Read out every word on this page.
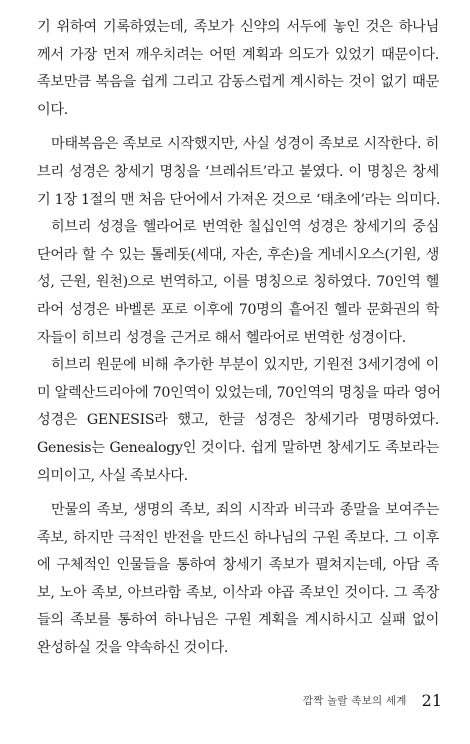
기 위하여 기록하였는데, 족보가 신약의 서두에 놓인 것은 하나님
께서 가장 먼저 깨우치려는 어떤 계획과 의도가 있었기 때문이다.
족보만큼 복음을 쉽게 그리고 감동스럽게 계시하는 것이 없기 때문
이다.

마태복음은 족보로 시작했지만, 사실 성경이 족보로 시작한다. 히
브리 성경은 창세기 명칭을 ‘브레쉬트’라고 붙였다. 이 명칭은 창세
기 1장 1절의 맨 처음 단어에서 가져온 것으로 ‘태초에’라는 의미다.
히브리 성경을 헬라어로 번역한 칠십인역 성경은 창세기의 중심
단어라 할 수 있는 톨레돗(세대, 자손, 후손)을 게네시오스(기원, 생
성, 근원, 원천)으로 번역하고, 이를 명칭으로 칭하였다. 70인역 헬
라어 성경은 바벨론 포로 이후에 70명의 흩어진 헬라 문화권의 학
자들이 히브리 성경을 근거로 해서 헬라어로 번역한 성경이다.
히브리 원문에 비해 추가한 부분이 있지만, 기원전 3세기경에 이
미 알렉산드리아에 70인역이 있었는데, 70인역의 명칭을 따라 영어
성경은 GENESIS라 했고, 한글 성경은 창세기라 명명하였다.
Genesis는 Genealogy인 것이다. 쉽게 말하면 창세기도 족보라는
의미이고, 사실 족보사다.

만물의 족보, 생명의 족보, 죄의 시작과 비극과 종말을 보여주는
족보, 하지만 극적인 반전을 만드신 하나님의 구원 족보다. 그 이후
에 구체적인 인물들을 통하여 창세기 족보가 펼쳐지는데, 아담 족
보, 노아 족보, 아브라함 족보, 이삭과 야곱 족보인 것이다. 그 족장
들의 족보를 통하여 하나님은 구원 계획을 계시하시고 실패 없이
완성하실 것을 약속하신 것이다.

깜짝 놀랄 족보의 세계 21
